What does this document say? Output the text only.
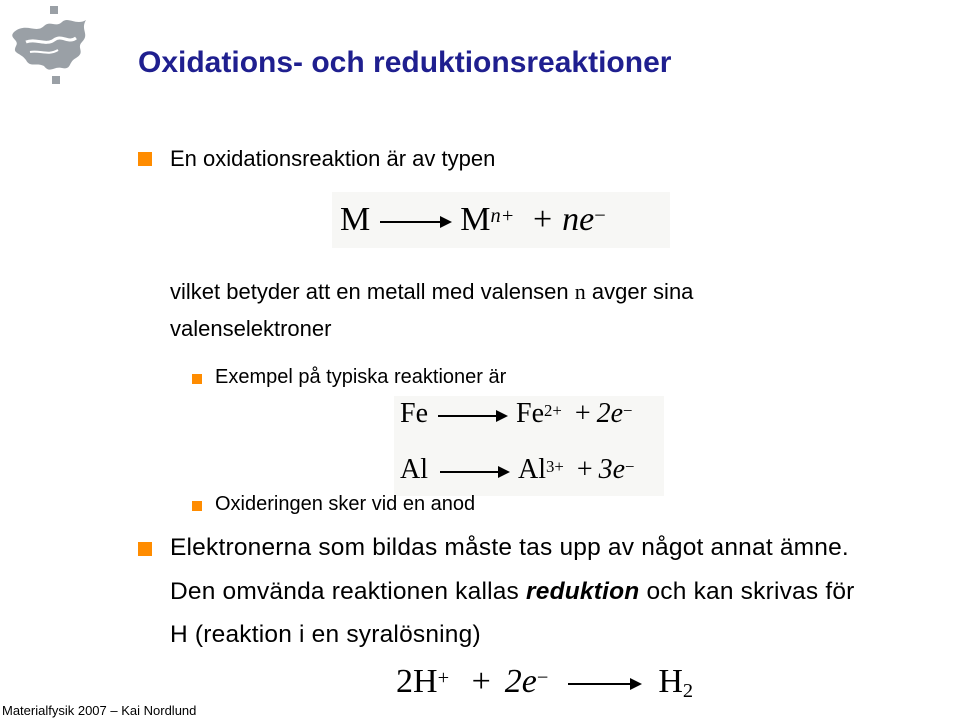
Oxidations- och reduktionsreaktioner
En oxidationsreaktion är av typen
$M \to M^{n+} + ne^-$
vilket betyder att en metall med valensen n avger sina
valenselektroner
Exempel på typiska reaktioner är
$Fe \to Fe^{2+} + 2e^-$
$Al \to Al^{3+} + 3e^-$
Oxideringen sker vid en anod
Elektronerna som bildas måste tas upp av något annat ämne.
Den omvända reaktionen kallas reduktion och kan skrivas för
H (reaktion i en syralösning)
$2H^+ + 2e^- \to H_2$
Materialfysik 2007 – Kai Nordlund
